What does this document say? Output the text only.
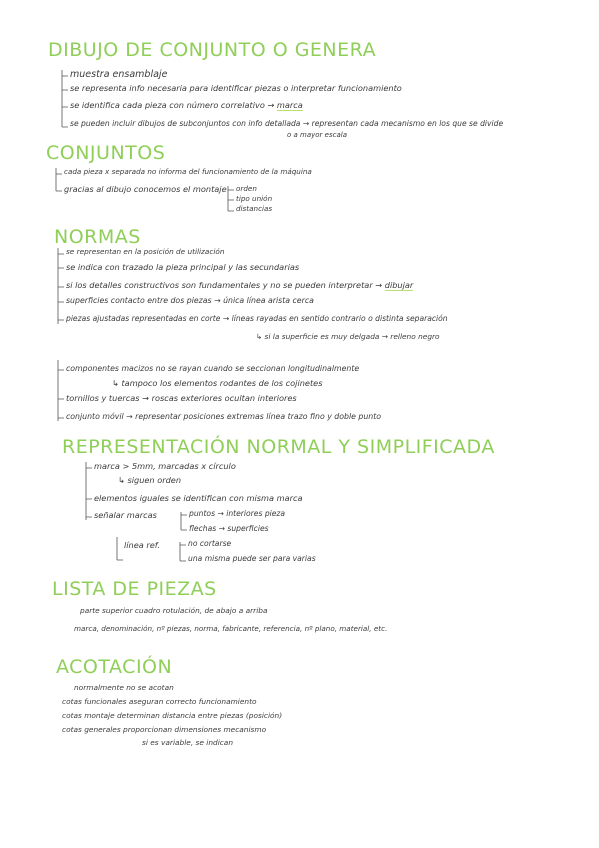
DIBUJO DE CONJUNTO O GENERA
muestra ensamblaje
se representa info necesaria para identificar piezas o interpretar funcionamiento
se identifica cada pieza con número correlativo → marca
se pueden incluir dibujos de subconjuntos con info detallada → representan cada mecanismo en los que se divide
o a mayor escala
CONJUNTOS
cada pieza x separada no informa del funcionamiento de la máquina
gracias al dibujo conocemos el montaje orden
tipo unión
distancias
NORMAS
se representan en la posición de utilización
se indica con trazado la pieza principal y las secundarias
si los detalles constructivos son fundamentales y no se pueden interpretar → dibujar
superficies contacto entre dos piezas → única línea arista cerca
piezas ajustadas representadas en corte → líneas rayadas en sentido contrario o distinta separación
↳ si la superficie es muy delgada → relleno negro
componentes macizos no se rayan cuando se seccionan longitudinalmente
↳ tampoco los elementos rodantes de los cojinetes
tornillos y tuercas → roscas exteriores ocultan interiores
conjunto móvil → representar posiciones extremas línea trazo fino y doble punto
REPRESENTACIÓN NORMAL Y SIMPLIFICADA
marca > 5mm, marcadas x círculo
↳ siguen orden
elementos iguales se identifican con misma marca
señalar marcas	puntos → interiores pieza
flechas → superficies
línea ref.	no cortarse
una misma puede ser para varias
LISTA DE PIEZAS
parte superior cuadro rotulación, de abajo a arriba
marca, denominación, nº piezas, norma, fabricante, referencia, nº plano, material, etc.
ACOTACIÓN
normalmente no se acotan
cotas funcionales aseguran correcto funcionamiento
cotas montaje determinan distancia entre piezas (posición)
cotas generales proporcionan dimensiones mecanismo
si es variable, se indican
